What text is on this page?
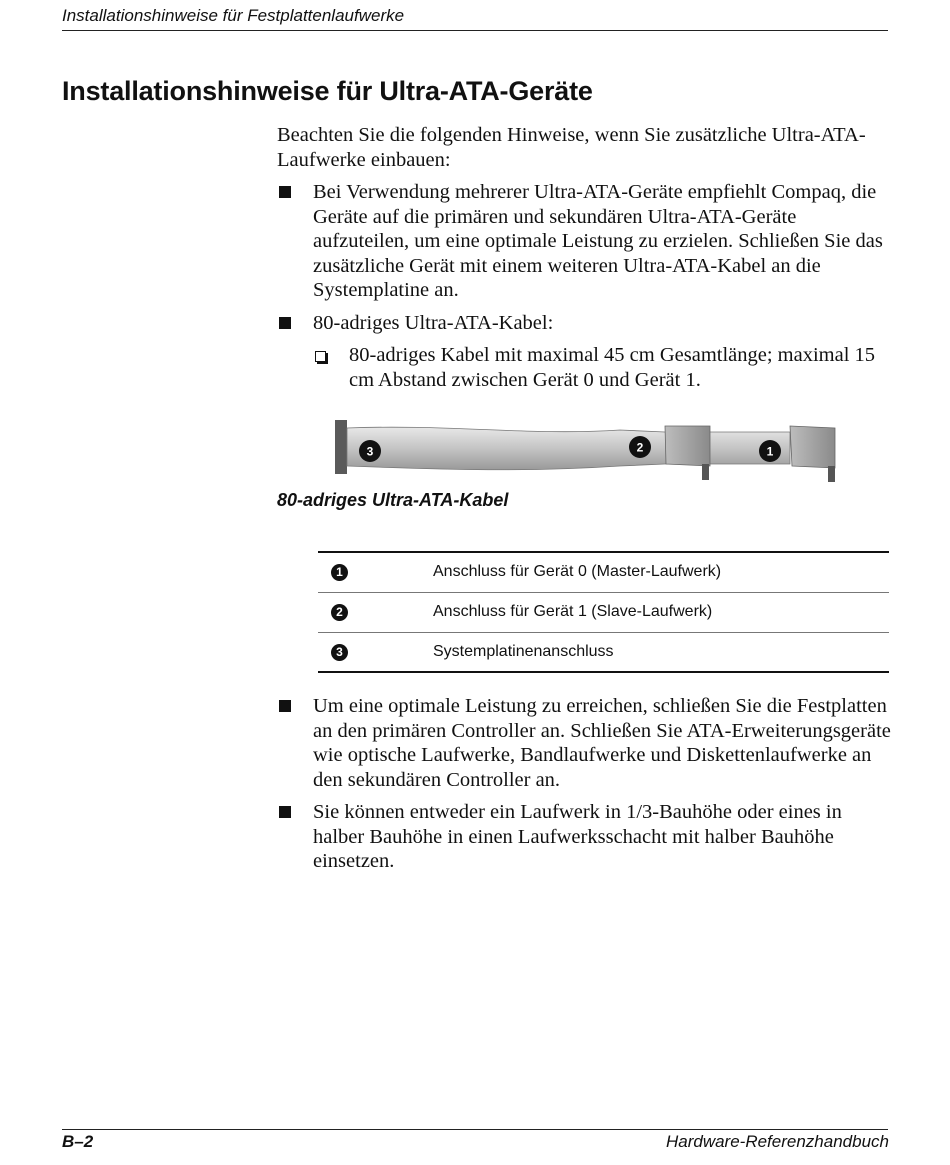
Installationshinweise für Festplattenlaufwerke
Installationshinweise für Ultra-ATA-Geräte

Beachten Sie die folgenden Hinweise, wenn Sie zusätzliche Ultra-ATA-Laufwerke einbauen:

Bei Verwendung mehrerer Ultra-ATA-Geräte empfiehlt Compaq, die Geräte auf die primären und sekundären Ultra-ATA-Geräte aufzuteilen, um eine optimale Leistung zu erzielen. Schließen Sie das zusätzliche Gerät mit einem weiteren Ultra-ATA-Kabel an die Systemplatine an.
80-adriges Ultra-ATA-Kabel:
80-adriges Kabel mit maximal 45 cm Gesamtlänge; maximal 15 cm Abstand zwischen Gerät 0 und Gerät 1.
3	2	1
80-adriges Ultra-ATA-Kabel
1	Anschluss für Gerät 0 (Master-Laufwerk)
2	Anschluss für Gerät 1 (Slave-Laufwerk)
3	Systemplatinenanschluss
Um eine optimale Leistung zu erreichen, schließen Sie die Festplatten an den primären Controller an. Schließen Sie ATA-Erweiterungsgeräte wie optische Laufwerke, Bandlaufwerke und Diskettenlaufwerke an den sekundären Controller an.
Sie können entweder ein Laufwerk in 1/3-Bauhöhe oder eines in halber Bauhöhe in einen Laufwerksschacht mit halber Bauhöhe einsetzen.
B–2	Hardware-Referenzhandbuch
